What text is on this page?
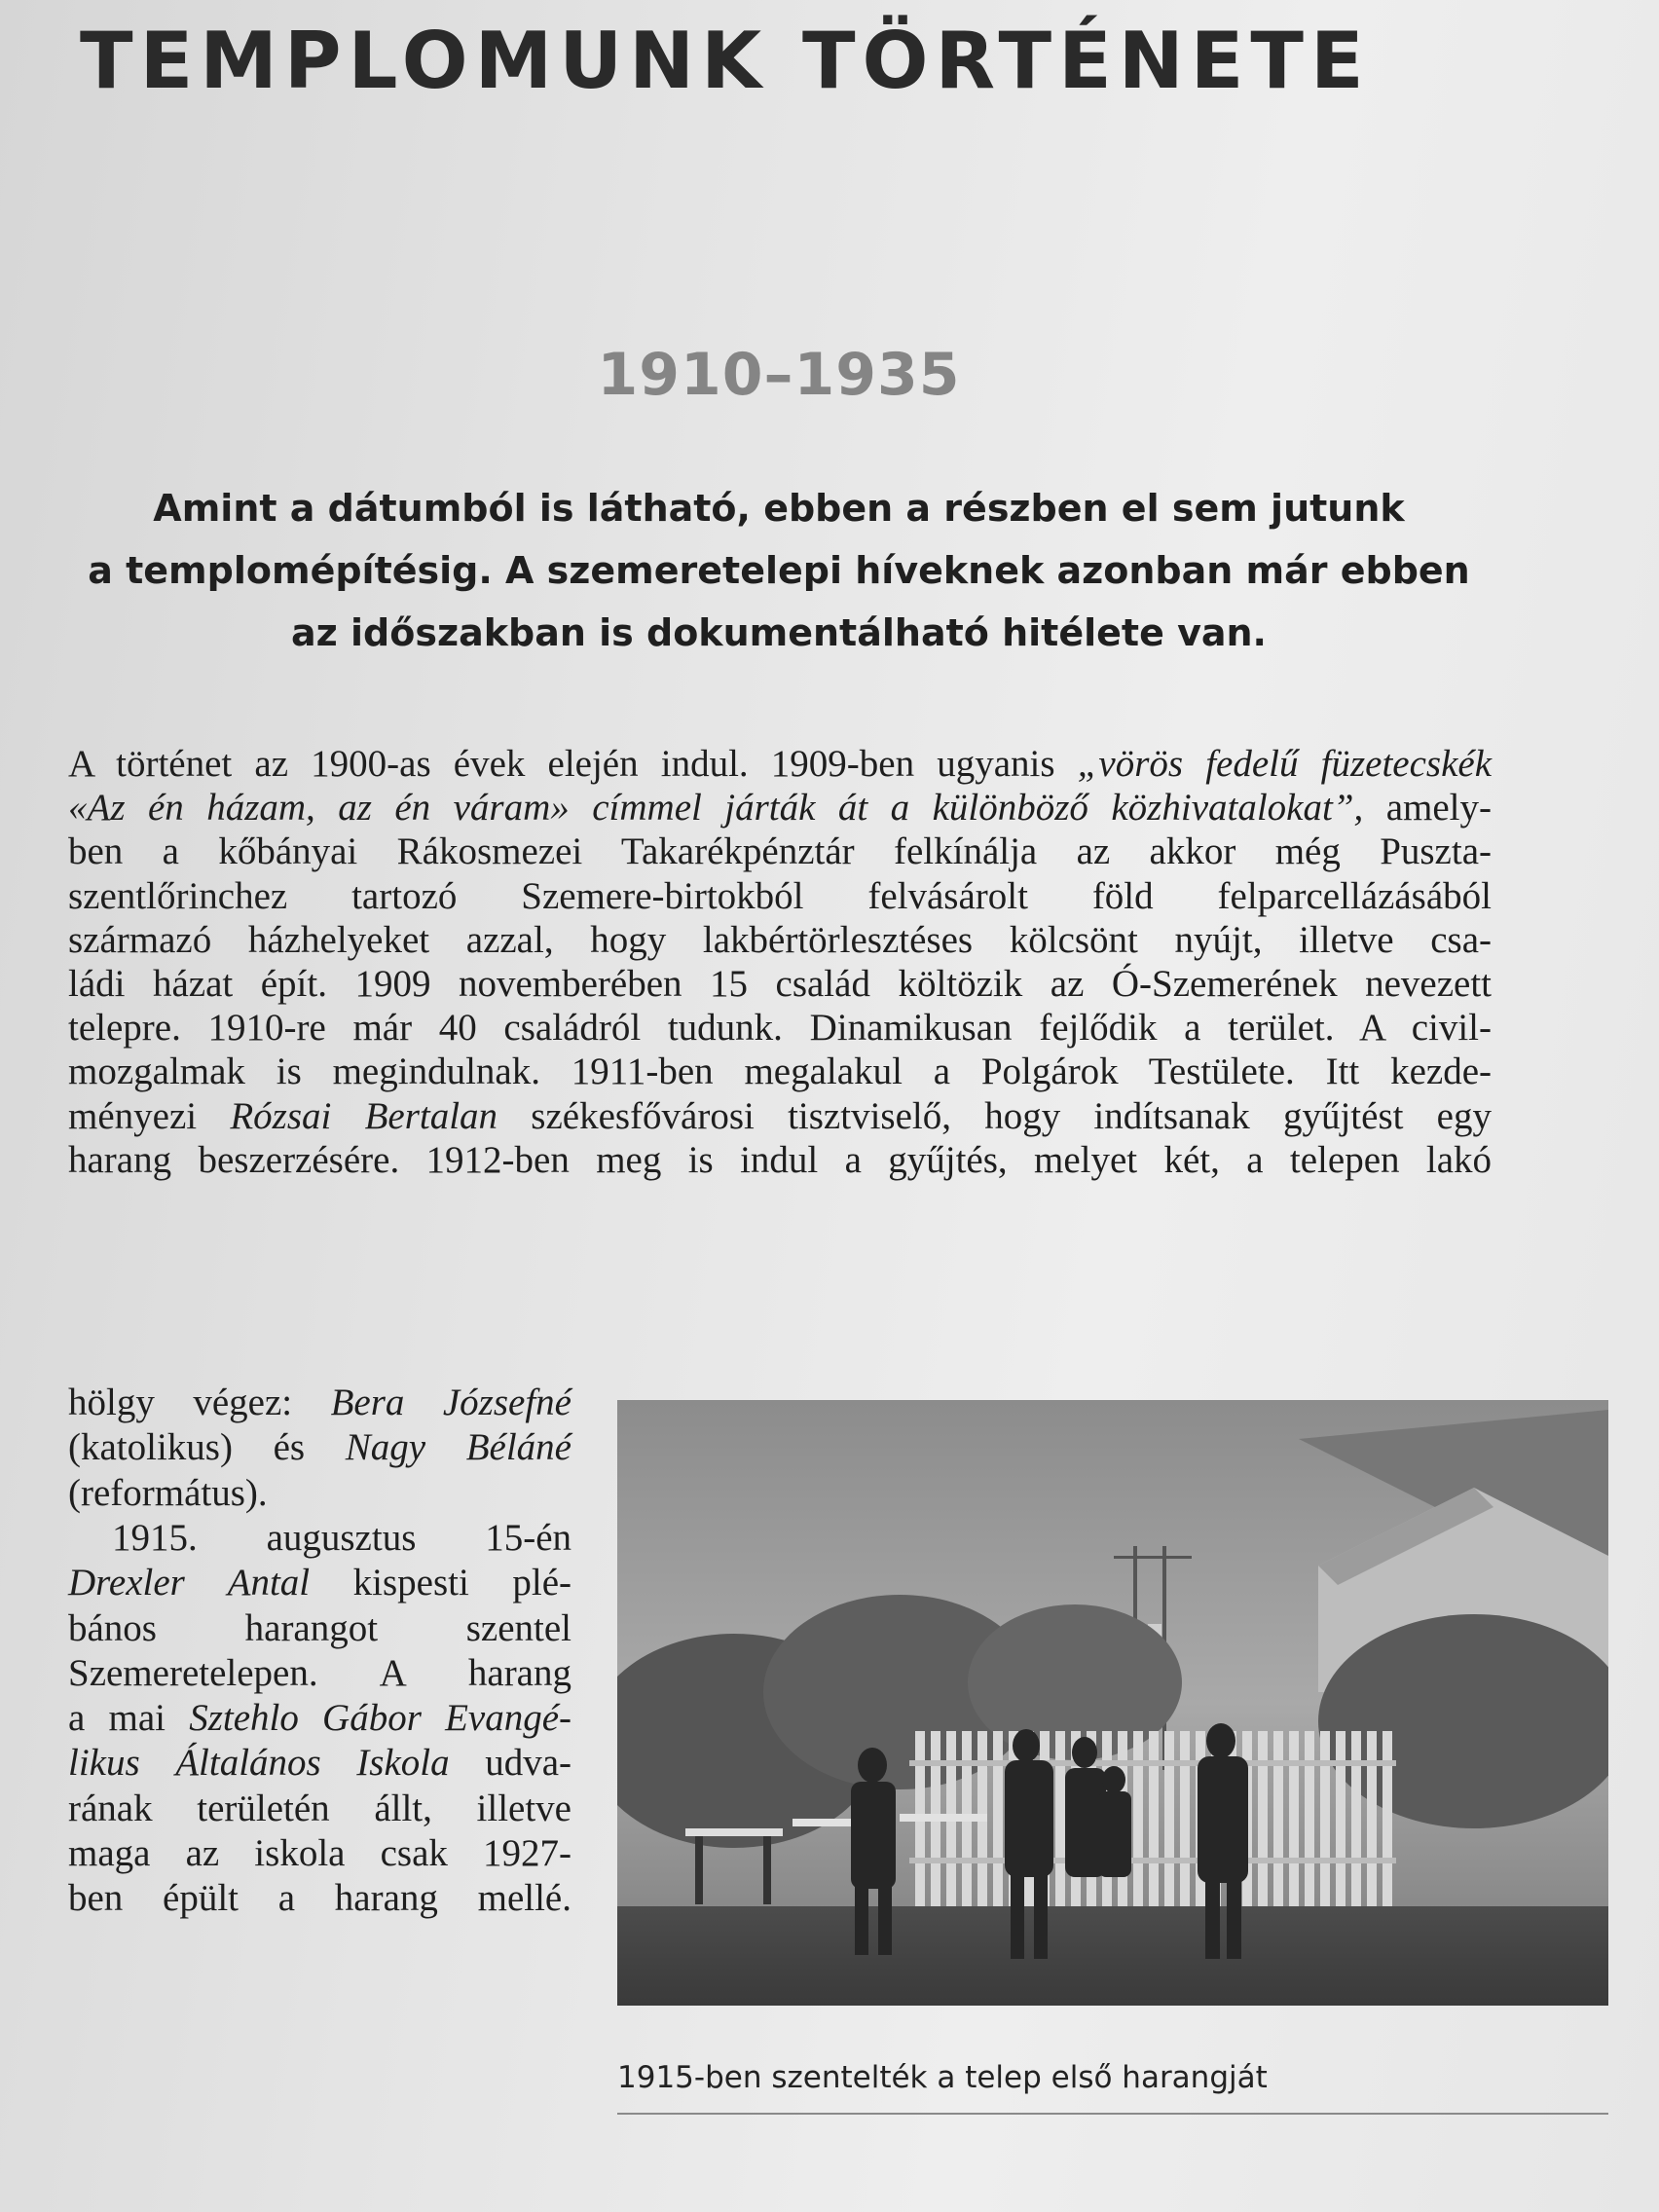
TEMPLOMUNK TÖRTÉNETE
1910–1935
Amint a dátumból is látható, ebben a részben el sem jutunk
a templomépítésig. A szemeretelepi híveknek azonban már ebben
az időszakban is dokumentálható hitélete van.
A történet az 1900-as évek elején indul. 1909-ben ugyanis „vörös fedelű füzetecskék
«Az én házam, az én váram» címmel járták át a különböző közhivatalokat”, amely-
ben a kőbányai Rákosmezei Takarékpénztár felkínálja az akkor még Puszta-
szentlőrinchez tartozó Szemere-birtokból felvásárolt föld felparcellázásából
származó házhelyeket azzal, hogy lakbértörlesztéses kölcsönt nyújt, illetve csa-
ládi házat épít. 1909 novemberében 15 család költözik az Ó-Szemerének nevezett
telepre. 1910-re már 40 családról tudunk. Dinamikusan fejlődik a terület. A civil-
mozgalmak is megindulnak. 1911-ben megalakul a Polgárok Testülete. Itt kezde-
ményezi Rózsai Bertalan székesfővárosi tisztviselő, hogy indítsanak gyűjtést egy
harang beszerzésére. 1912-ben meg is indul a gyűjtés, melyet két, a telepen lakó
hölgy végez: Bera Józsefné
(katolikus) és Nagy Béláné
(református).
1915. augusztus 15-én
Drexler Antal kispesti plé-
bános harangot szentel
Szemeretelepen. A harang
a mai Sztehlo Gábor Evangé-
likus Általános Iskola udva-
rának területén állt, illetve
maga az iskola csak 1927-
ben épült a harang mellé.
1915-ben szentelték a telep első harangját
